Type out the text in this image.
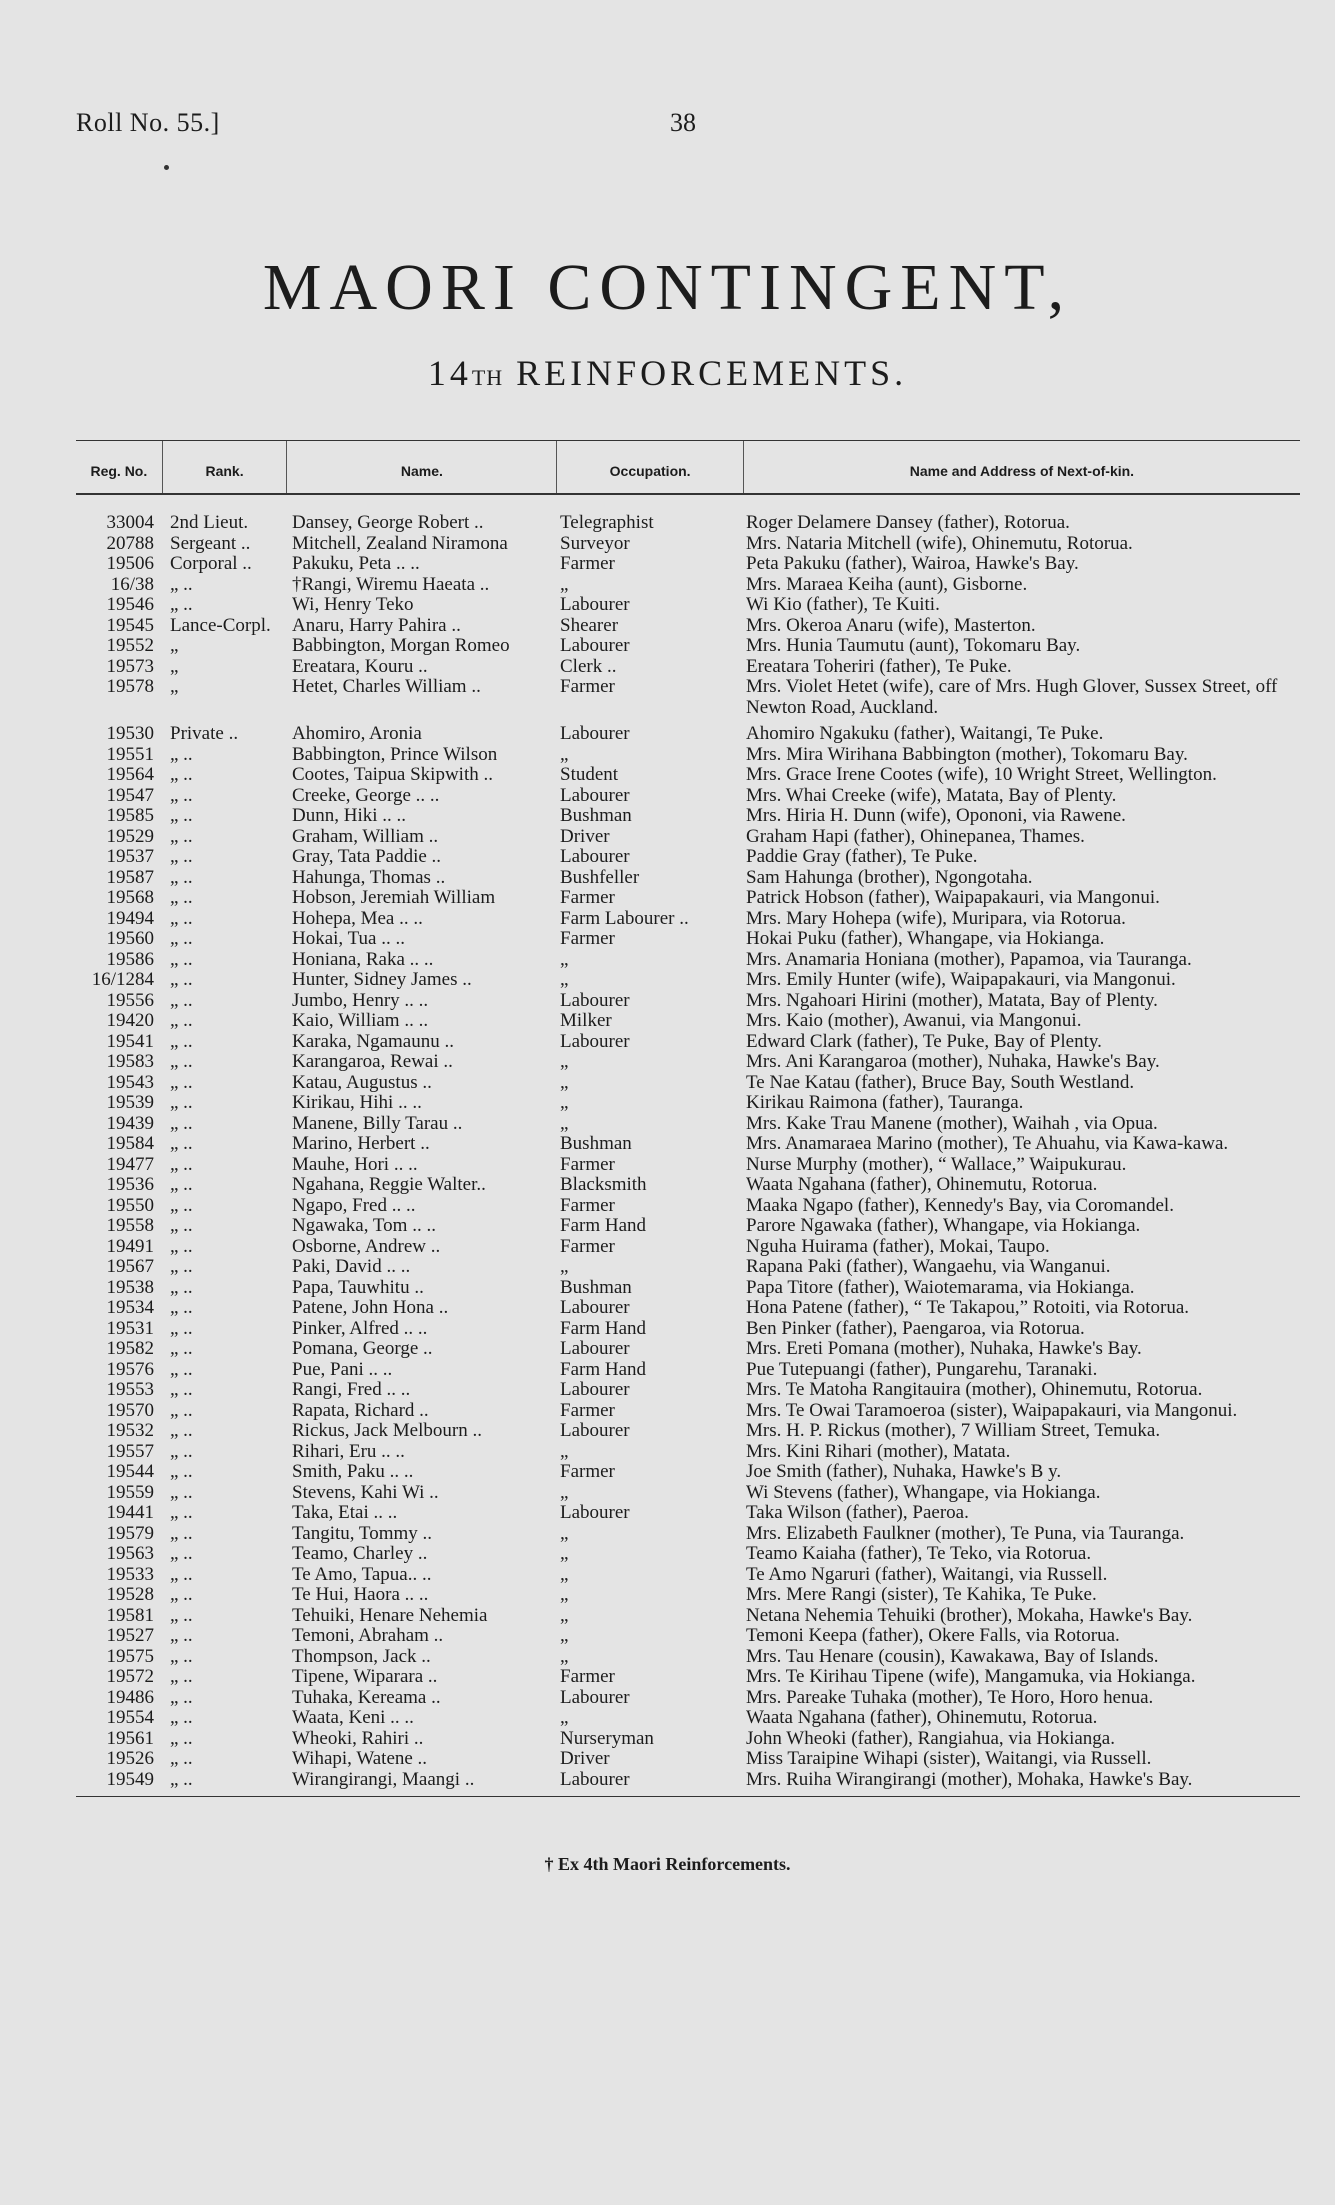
Roll No. 55.]	38
MAORI CONTINGENT,
14TH REINFORCEMENTS.
Reg. No.	Rank.	Name.	Occupation.	Name and Address of Next-of-kin.
33004 2nd Lieut.	Dansey, George Robert ..	Telegraphist	Roger Delamere Dansey (father), Rotorua.
20788 Sergeant ..	Mitchell, Zealand Niramona	Surveyor	Mrs. Nataria Mitchell (wife), Ohinemutu, Rotorua.
19506 Corporal ..	Pakuku, Peta .. ..	Farmer	Peta Pakuku (father), Wairoa, Hawke's Bay.
16/38 „ ..	†Rangi, Wiremu Haeata ..	„	Mrs. Maraea Keiha (aunt), Gisborne.
19546 „ ..	Wi, Henry Teko	Labourer	Wi Kio (father), Te Kuiti.
19545 Lance-Corpl.	Anaru, Harry Pahira ..	Shearer	Mrs. Okeroa Anaru (wife), Masterton.
19552 „	Babbington, Morgan Romeo	Labourer	Mrs. Hunia Taumutu (aunt), Tokomaru Bay.
19573 „	Ereatara, Kouru ..	Clerk ..	Ereatara Toheriri (father), Te Puke.
19578 „	Hetet, Charles William ..	Farmer	Mrs. Violet Hetet (wife), care of Mrs. Hugh Glover, Sussex Street, off Newton Road, Auckland.
19530 Private ..	Ahomiro, Aronia	Labourer	Ahomiro Ngakuku (father), Waitangi, Te Puke.
19551 „ ..	Babbington, Prince Wilson	„	Mrs. Mira Wirihana Babbington (mother), Tokomaru Bay.
19564 „ ..	Cootes, Taipua Skipwith ..	Student	Mrs. Grace Irene Cootes (wife), 10 Wright Street, Wellington.
19547 „ ..	Creeke, George .. ..	Labourer	Mrs. Whai Creeke (wife), Matata, Bay of Plenty.
19585 „ ..	Dunn, Hiki .. ..	Bushman	Mrs. Hiria H. Dunn (wife), Opononi, via Rawene.
19529 „ ..	Graham, William ..	Driver	Graham Hapi (father), Ohinepanea, Thames.
19537 „ ..	Gray, Tata Paddie ..	Labourer	Paddie Gray (father), Te Puke.
19587 „ ..	Hahunga, Thomas ..	Bushfeller	Sam Hahunga (brother), Ngongotaha.
19568 „ ..	Hobson, Jeremiah William	Farmer	Patrick Hobson (father), Waipapakauri, via Mangonui.
19494 „ ..	Hohepa, Mea .. ..	Farm Labourer ..	Mrs. Mary Hohepa (wife), Muripara, via Rotorua.
19560 „ ..	Hokai, Tua .. ..	Farmer	Hokai Puku (father), Whangape, via Hokianga.
19586 „ ..	Honiana, Raka .. ..	„	Mrs. Anamaria Honiana (mother), Papamoa, via Tauranga.
16/1284 „ ..	Hunter, Sidney James ..	„	Mrs. Emily Hunter (wife), Waipapakauri, via Mangonui.
19556 „ ..	Jumbo, Henry .. ..	Labourer	Mrs. Ngahoari Hirini (mother), Matata, Bay of Plenty.
19420 „ ..	Kaio, William .. ..	Milker	Mrs. Kaio (mother), Awanui, via Mangonui.
19541 „ ..	Karaka, Ngamaunu ..	Labourer	Edward Clark (father), Te Puke, Bay of Plenty.
19583 „ ..	Karangaroa, Rewai ..	„	Mrs. Ani Karangaroa (mother), Nuhaka, Hawke's Bay.
19543 „ ..	Katau, Augustus ..	„	Te Nae Katau (father), Bruce Bay, South Westland.
19539 „ ..	Kirikau, Hihi .. ..	„	Kirikau Raimona (father), Tauranga.
19439 „ ..	Manene, Billy Tarau ..	„	Mrs. Kake Trau Manene (mother), Waihah , via Opua.
19584 „ ..	Marino, Herbert ..	Bushman	Mrs. Anamaraea Marino (mother), Te Ahuahu, via Kawa-kawa.
19477 „ ..	Mauhe, Hori .. ..	Farmer	Nurse Murphy (mother), “ Wallace,” Waipukurau.
19536 „ ..	Ngahana, Reggie Walter..	Blacksmith	Waata Ngahana (father), Ohinemutu, Rotorua.
19550 „ ..	Ngapo, Fred .. ..	Farmer	Maaka Ngapo (father), Kennedy's Bay, via Coromandel.
19558 „ ..	Ngawaka, Tom .. ..	Farm Hand	Parore Ngawaka (father), Whangape, via Hokianga.
19491 „ ..	Osborne, Andrew ..	Farmer	Nguha Huirama (father), Mokai, Taupo.
19567 „ ..	Paki, David .. ..	„	Rapana Paki (father), Wangaehu, via Wanganui.
19538 „ ..	Papa, Tauwhitu ..	Bushman	Papa Titore (father), Waiotemarama, via Hokianga.
19534 „ ..	Patene, John Hona ..	Labourer	Hona Patene (father), “ Te Takapou,” Rotoiti, via Rotorua.
19531 „ ..	Pinker, Alfred .. ..	Farm Hand	Ben Pinker (father), Paengaroa, via Rotorua.
19582 „ ..	Pomana, George ..	Labourer	Mrs. Ereti Pomana (mother), Nuhaka, Hawke's Bay.
19576 „ ..	Pue, Pani .. ..	Farm Hand	Pue Tutepuangi (father), Pungarehu, Taranaki.
19553 „ ..	Rangi, Fred .. ..	Labourer	Mrs. Te Matoha Rangitauira (mother), Ohinemutu, Rotorua.
19570 „ ..	Rapata, Richard ..	Farmer	Mrs. Te Owai Taramoeroa (sister), Waipapakauri, via Mangonui.
19532 „ ..	Rickus, Jack Melbourn ..	Labourer	Mrs. H. P. Rickus (mother), 7 William Street, Temuka.
19557 „ ..	Rihari, Eru .. ..	„	Mrs. Kini Rihari (mother), Matata.
19544 „ ..	Smith, Paku .. ..	Farmer	Joe Smith (father), Nuhaka, Hawke's B y.
19559 „ ..	Stevens, Kahi Wi ..	„	Wi Stevens (father), Whangape, via Hokianga.
19441 „ ..	Taka, Etai .. ..	Labourer	Taka Wilson (father), Paeroa.
19579 „ ..	Tangitu, Tommy ..	„	Mrs. Elizabeth Faulkner (mother), Te Puna, via Tauranga.
19563 „ ..	Teamo, Charley ..	„	Teamo Kaiaha (father), Te Teko, via Rotorua.
19533 „ ..	Te Amo, Tapua.. ..	„	Te Amo Ngaruri (father), Waitangi, via Russell.
19528 „ ..	Te Hui, Haora .. ..	„	Mrs. Mere Rangi (sister), Te Kahika, Te Puke.
19581 „ ..	Tehuiki, Henare Nehemia	„	Netana Nehemia Tehuiki (brother), Mokaha, Hawke's Bay.
19527 „ ..	Temoni, Abraham ..	„	Temoni Keepa (father), Okere Falls, via Rotorua.
19575 „ ..	Thompson, Jack ..	„	Mrs. Tau Henare (cousin), Kawakawa, Bay of Islands.
19572 „ ..	Tipene, Wiparara ..	Farmer	Mrs. Te Kirihau Tipene (wife), Mangamuka, via Hokianga.
19486 „ ..	Tuhaka, Kereama ..	Labourer	Mrs. Pareake Tuhaka (mother), Te Horo, Horo henua.
19554 „ ..	Waata, Keni .. ..	„	Waata Ngahana (father), Ohinemutu, Rotorua.
19561 „ ..	Wheoki, Rahiri ..	Nurseryman	John Wheoki (father), Rangiahua, via Hokianga.
19526 „ ..	Wihapi, Watene ..	Driver	Miss Taraipine Wihapi (sister), Waitangi, via Russell.
19549 „ ..	Wirangirangi, Maangi ..	Labourer	Mrs. Ruiha Wirangirangi (mother), Mohaka, Hawke's Bay.
† Ex 4th Maori Reinforcements.
